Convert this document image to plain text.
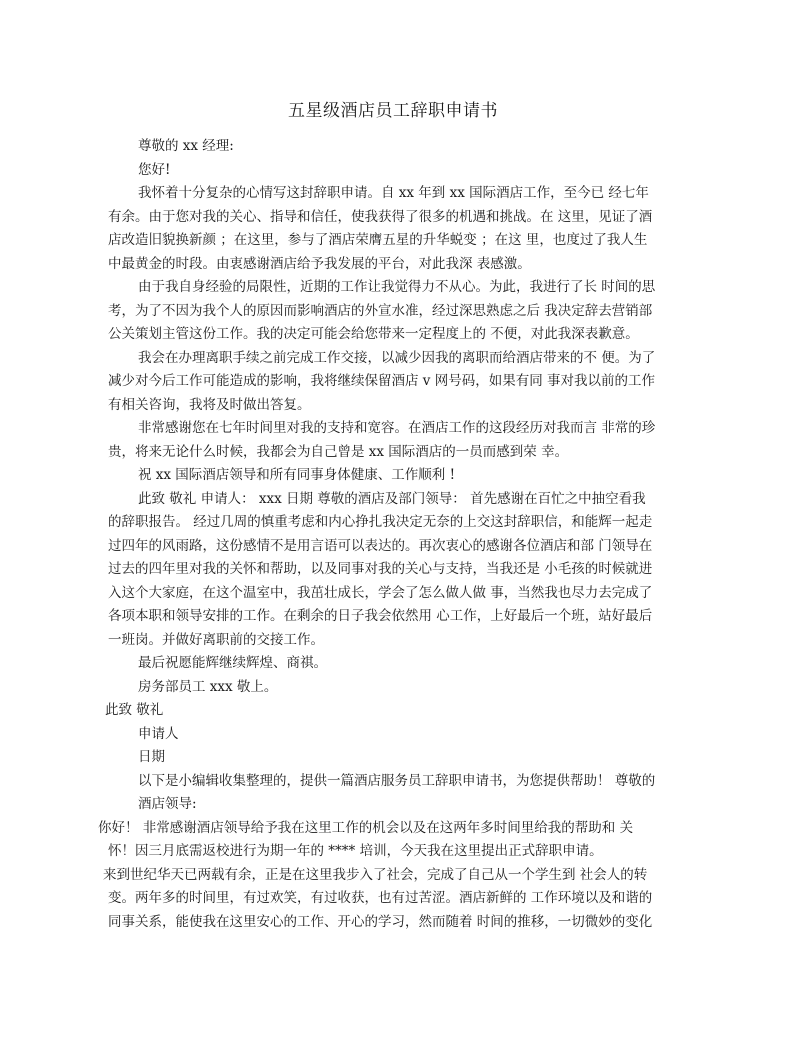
五星级酒店员工辞职申请书
尊敬的 xx 经理:
您好!
我怀着十分复杂的心情写这封辞职申请。自 xx 年到 xx 国际酒店工作，至今已 经七年
有余。由于您对我的关心、指导和信任，使我获得了很多的机遇和挑战。在 这里，见证了酒
店改造旧貌换新颜 ；在这里，参与了酒店荣膺五星的升华蜕变 ；在这 里，也度过了我人生
中最黄金的时段。由衷感谢酒店给予我发展的平台，对此我深 表感激。
由于我自身经验的局限性，近期的工作让我觉得力不从心。为此，我进行了长 时间的思
考，为了不因为我个人的原因而影响酒店的外宣水准，经过深思熟虑之后 我决定辞去营销部
公关策划主管这份工作。我的决定可能会给您带来一定程度上的 不便，对此我深表歉意。
我会在办理离职手续之前完成工作交接，以减少因我的离职而给酒店带来的不 便。为了
减少对今后工作可能造成的影响，我将继续保留酒店 v 网号码，如果有同 事对我以前的工作
有相关咨询，我将及时做出答复。
非常感谢您在七年时间里对我的支持和宽容。在酒店工作的这段经历对我而言 非常的珍
贵，将来无论什么时候，我都会为自己曾是 xx 国际酒店的一员而感到荣 幸。
祝 xx 国际酒店领导和所有同事身体健康、工作顺利 !
此致 敬礼 申请人： xxx 日期 尊敬的酒店及部门领导： 首先感谢在百忙之中抽空看我
的辞职报告。 经过几周的慎重考虑和内心挣扎我决定无奈的上交这封辞职信，和能辉一起走
过四年的风雨路，这份感情不是用言语可以表达的。再次衷心的感谢各位酒店和部 门领导在
过去的四年里对我的关怀和帮助，以及同事对我的关心与支持，当我还是 小毛孩的时候就进
入这个大家庭，在这个温室中，我茁壮成长，学会了怎么做人做 事，当然我也尽力去完成了
各项本职和领导安排的工作。在剩余的日子我会依然用 心工作，上好最后一个班，站好最后
一班岗。并做好离职前的交接工作。
最后祝愿能辉继续辉煌、商祺。
房务部员工 xxx 敬上。
此致 敬礼
申请人
日期
以下是小编辑收集整理的，提供一篇酒店服务员工辞职申请书，为您提供帮助！ 尊敬的
酒店领导:
你好！ 非常感谢酒店领导给予我在这里工作的机会以及在这两年多时间里给我的帮助和 关
怀！因三月底需返校进行为期一年的 **** 培训，今天我在这里提出正式辞职申请。
来到世纪华天已两载有余，正是在这里我步入了社会，完成了自己从一个学生到 社会人的转
变。两年多的时间里，有过欢笑，有过收获，也有过苦涩。酒店新鲜的 工作环境以及和谐的
同事关系，能使我在这里安心的工作、开心的学习，然而随着 时间的推移，一切微妙的变化
